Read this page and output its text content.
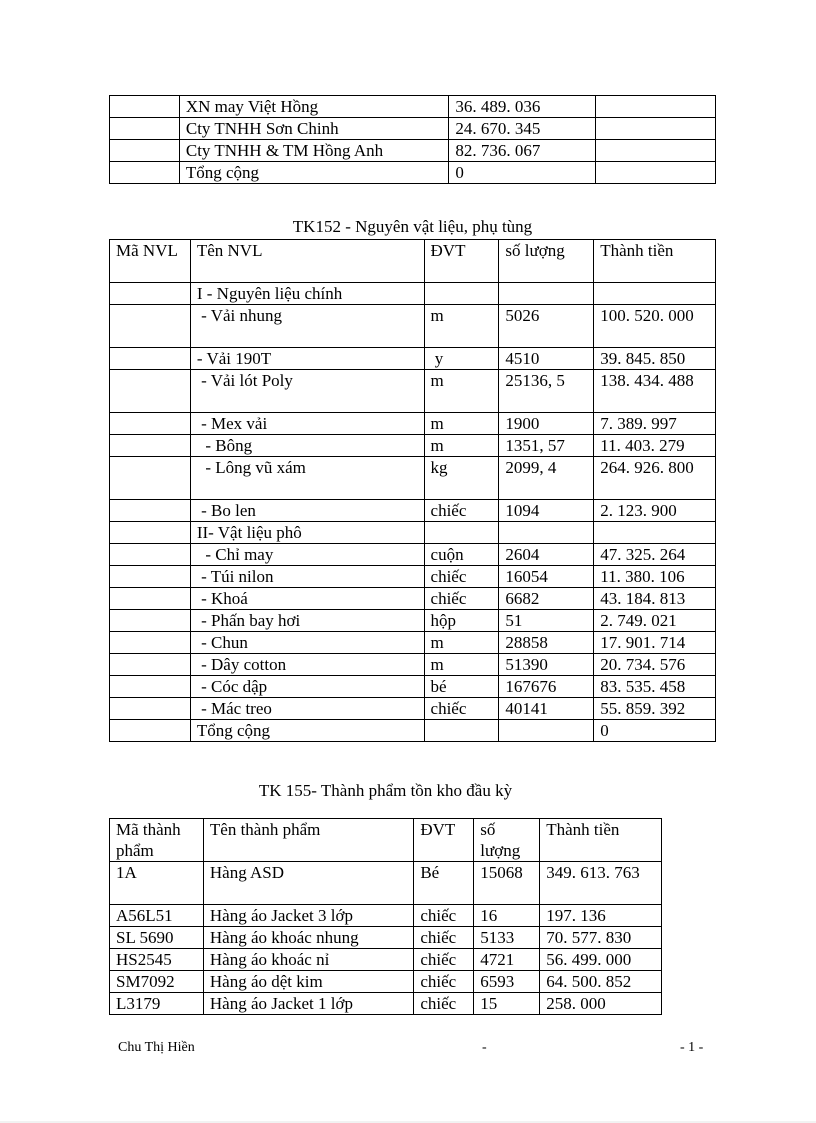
	XN may Việt Hồng	36. 489. 036	
	Cty TNHH Sơn Chinh	24. 670. 345	
	Cty TNHH & TM Hồng Anh	82. 736. 067	
	Tổng cộng	0	
TK152 - Nguyên vật liệu, phụ tùng
Mã NVL	Tên NVL	ĐVT	số lượng	Thành tiền
	I - Nguyên liệu chính			
	- Vải nhung	m	5026	100. 520. 000
	- Vải 190T	y	4510	39. 845. 850
	- Vải lót Poly	m	25136, 5	138. 434. 488
	- Mex vải	m	1900	7. 389. 997
	- Bông	m	1351, 57	11. 403. 279
	- Lông vũ xám	kg	2099, 4	264. 926. 800
	- Bo len	chiếc	1094	2. 123. 900
	II- Vật liệu phô			
	- Chỉ may	cuộn	2604	47. 325. 264
	- Túi nilon	chiếc	16054	11. 380. 106
	- Khoá	chiếc	6682	43. 184. 813
	- Phấn bay hơi	hộp	51	2. 749. 021
	- Chun	m	28858	17. 901. 714
	- Dây cotton	m	51390	20. 734. 576
	- Cóc dập	bé	167676	83. 535. 458
	- Mác treo	chiếc	40141	55. 859. 392
	Tổng cộng			0
TK 155- Thành phẩm tồn kho đầu kỳ
Mã thành phẩm	Tên thành phẩm	ĐVT	số lượng	Thành tiền
1A	Hàng ASD	Bé	15068	349. 613. 763
A56L51	Hàng áo Jacket 3 lớp	chiếc	16	197. 136
SL 5690	Hàng áo khoác nhung	chiếc	5133	70. 577. 830
HS2545	Hàng áo khoác nỉ	chiếc	4721	56. 499. 000
SM7092	Hàng áo dệt kim	chiếc	6593	64. 500. 852
L3179	Hàng áo Jacket 1 lớp	chiếc	15	258. 000
Chu Thị Hiền	-	- 1 -
